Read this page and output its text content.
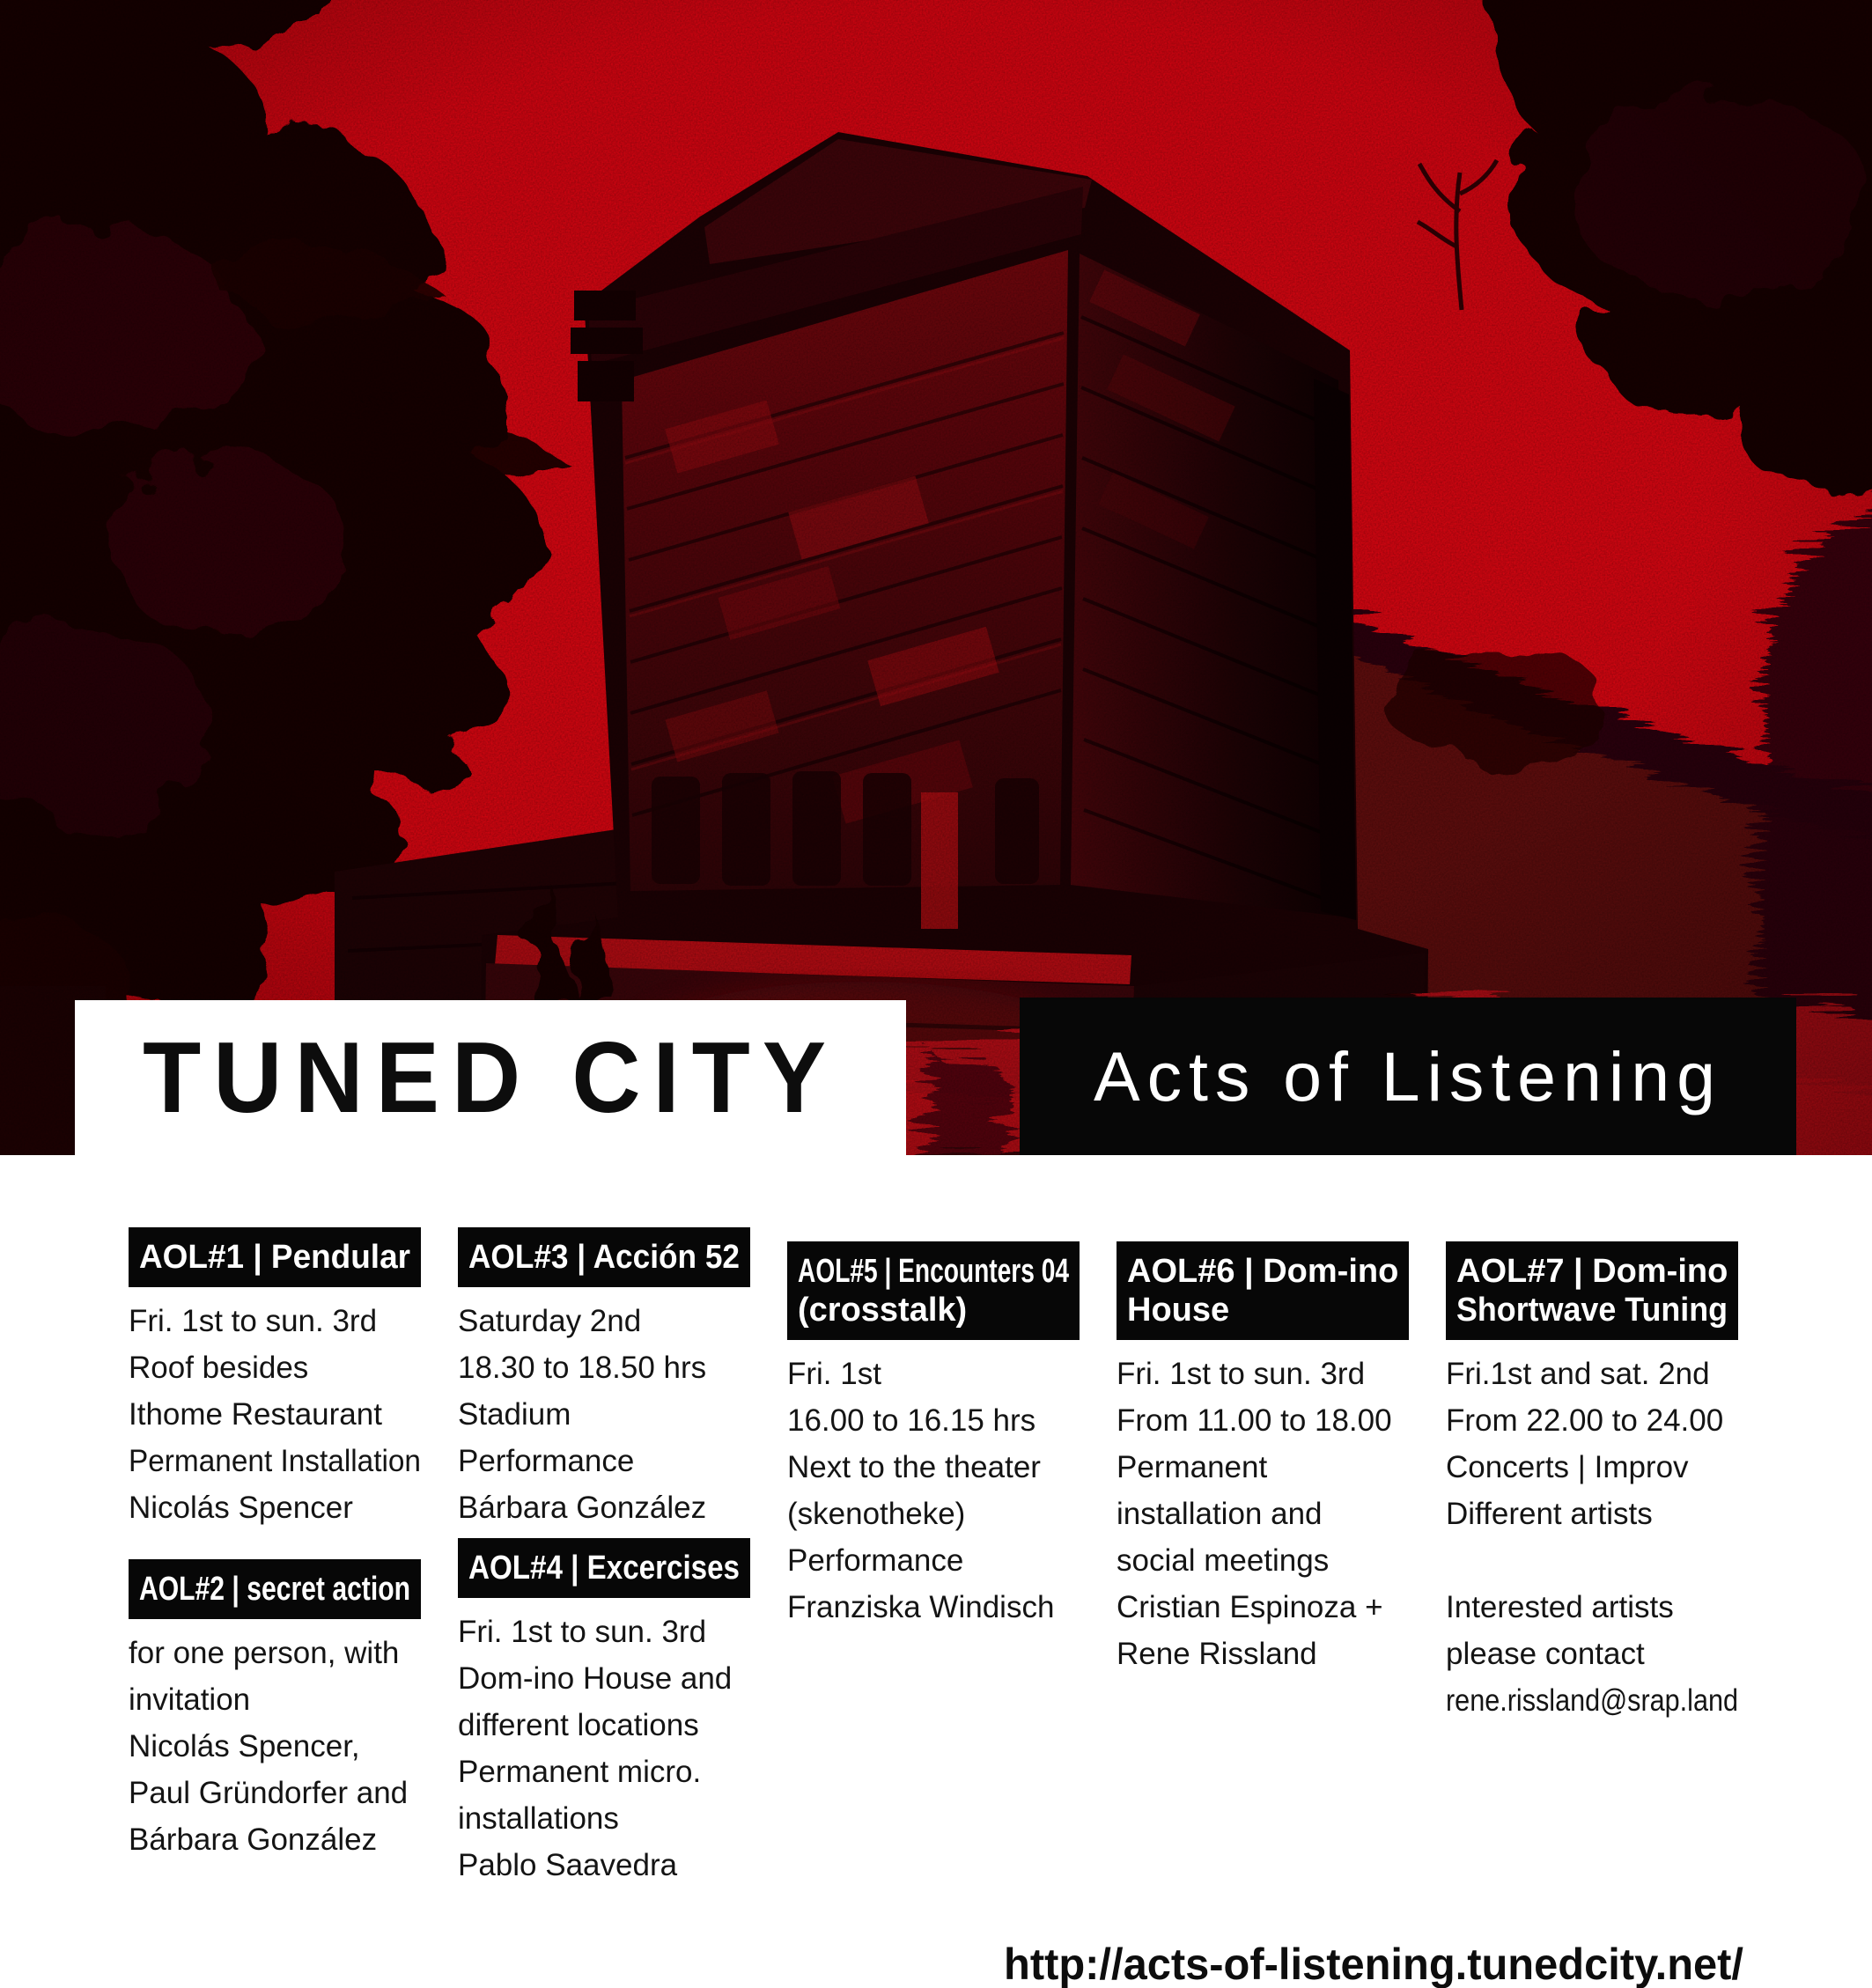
TUNED CITY	Acts of Listening
AOL#1 | Pendular
Fri. 1st to sun. 3rd
Roof besides
Ithome Restaurant
Permanent Installation
Nicolás Spencer
AOL#2 | secret action
for one person, with
invitation
Nicolás Spencer,
Paul Gründorfer and
Bárbara González
AOL#3 | Acción 52
Saturday 2nd
18.30 to 18.50 hrs
Stadium
Performance
Bárbara González
AOL#4 | Excercises
Fri. 1st to sun. 3rd
Dom-ino House and
different locations
Permanent micro.
installations
Pablo Saavedra
AOL#5 | Encounters 04
(crosstalk)
Fri. 1st
16.00 to 16.15 hrs
Next to the theater
(skenotheke)
Performance
Franziska Windisch
AOL#6 | Dom-ino
House
Fri. 1st to sun. 3rd
From 11.00 to 18.00
Permanent
installation and
social meetings
Cristian Espinoza +
Rene Rissland
AOL#7 | Dom-ino
Shortwave Tuning
Fri.1st and sat. 2nd
From 22.00 to 24.00
Concerts | Improv
Different artists
Interested artists
please contact
rene.rissland@srap.land
http://acts-of-listening.tunedcity.net/
